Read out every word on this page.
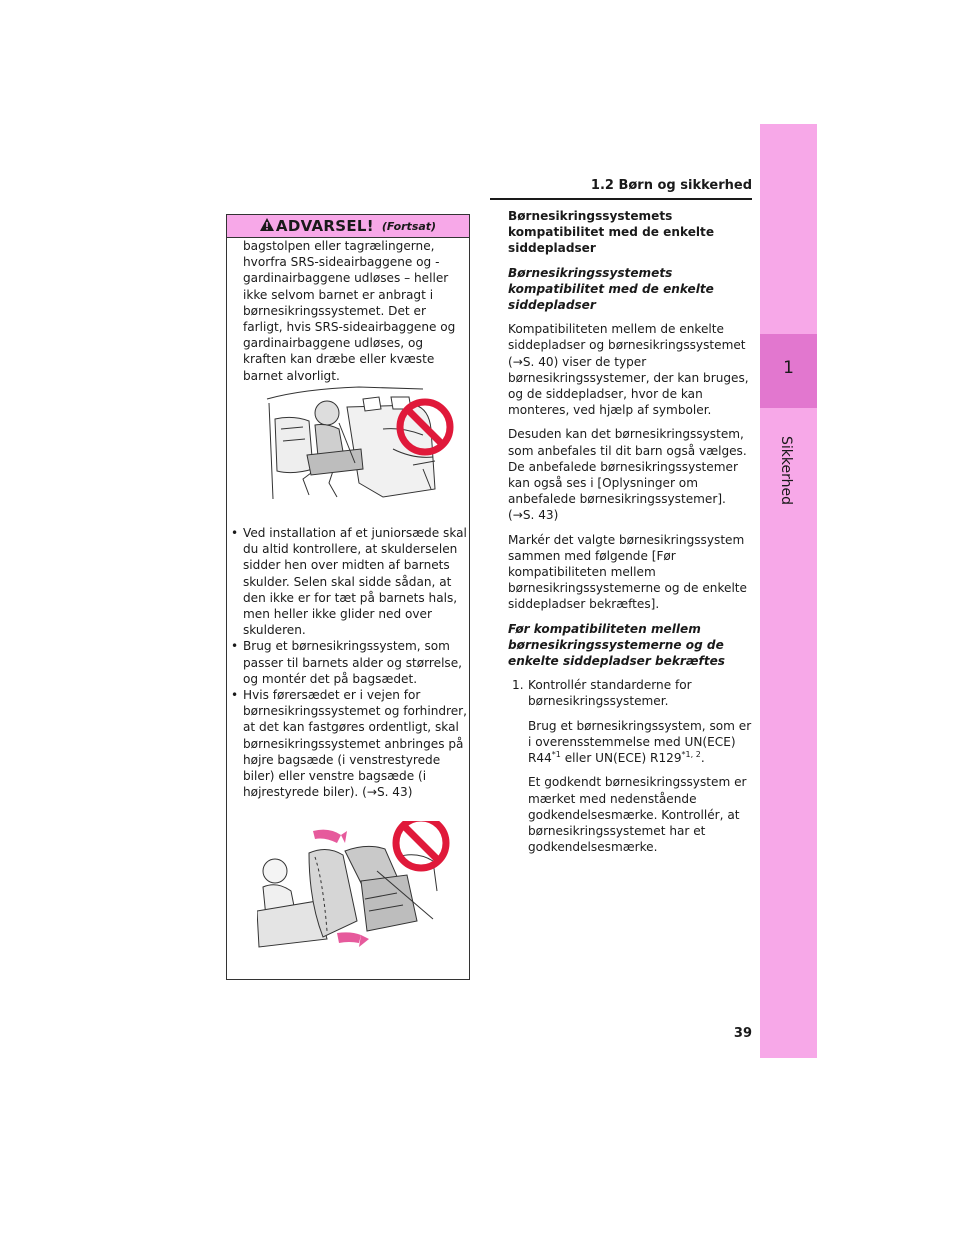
1.2 Børn og sikkerhed
1
Sikkerhed
ADVARSEL! (Fortsat)

bagstolpen eller tagrælingerne, hvorfra SRS-sideairbaggene og -gardinairbaggene udløses – heller ikke selvom barnet er anbragt i børnesikringssystemet. Det er farligt, hvis SRS-sideairbaggene og gardinairbaggene udløses, og kraften kan dræbe eller kvæste barnet alvorligt.

• Ved installation af et juniorsæde skal du altid kontrollere, at skulderselen sidder hen over midten af barnets skulder. Selen skal sidde sådan, at den ikke er for tæt på barnets hals, men heller ikke glider ned over skulderen.
• Brug et børnesikringssystem, som passer til barnets alder og størrelse, og montér det på bagsædet.
• Hvis førersædet er i vejen for børnesikringssystemet og forhindrer, at det kan fastgøres ordentligt, skal børnesikringssystemet anbringes på højre bagsæde (i venstrestyrede biler) eller venstre bagsæde (i højrestyrede biler). (→S. 43)

Børnesikringssystemets kompatibilitet med de enkelte siddepladser

Børnesikringssystemets kompatibilitet med de enkelte siddepladser

Kompatibiliteten mellem de enkelte siddepladser og børnesikringssystemet (→S. 40) viser de typer børnesikringssystemer, der kan bruges, og de siddepladser, hvor de kan monteres, ved hjælp af symboler.

Desuden kan det børnesikringssystem, som anbefales til dit barn også vælges. De anbefalede børnesikringssystemer kan også ses i [Oplysninger om anbefalede børnesikringssystemer]. (→S. 43)

Markér det valgte børnesikringssystem sammen med følgende [Før kompatibiliteten mellem børnesikringssystemerne og de enkelte siddepladser bekræftes].

Før kompatibiliteten mellem børnesikringssystemerne og de enkelte siddepladser bekræftes

1. Kontrollér standarderne for børnesikringssystemer.

Brug et børnesikringssystem, som er i overensstemmelse med UN(ECE) R44$^{*1}$ eller UN(ECE) R129$^{*1, 2}$.

Et godkendt børnesikringssystem er mærket med nedenstående godkendelsesmærke. Kontrollér, at børnesikringssystemet har et godkendelsesmærke.

39
